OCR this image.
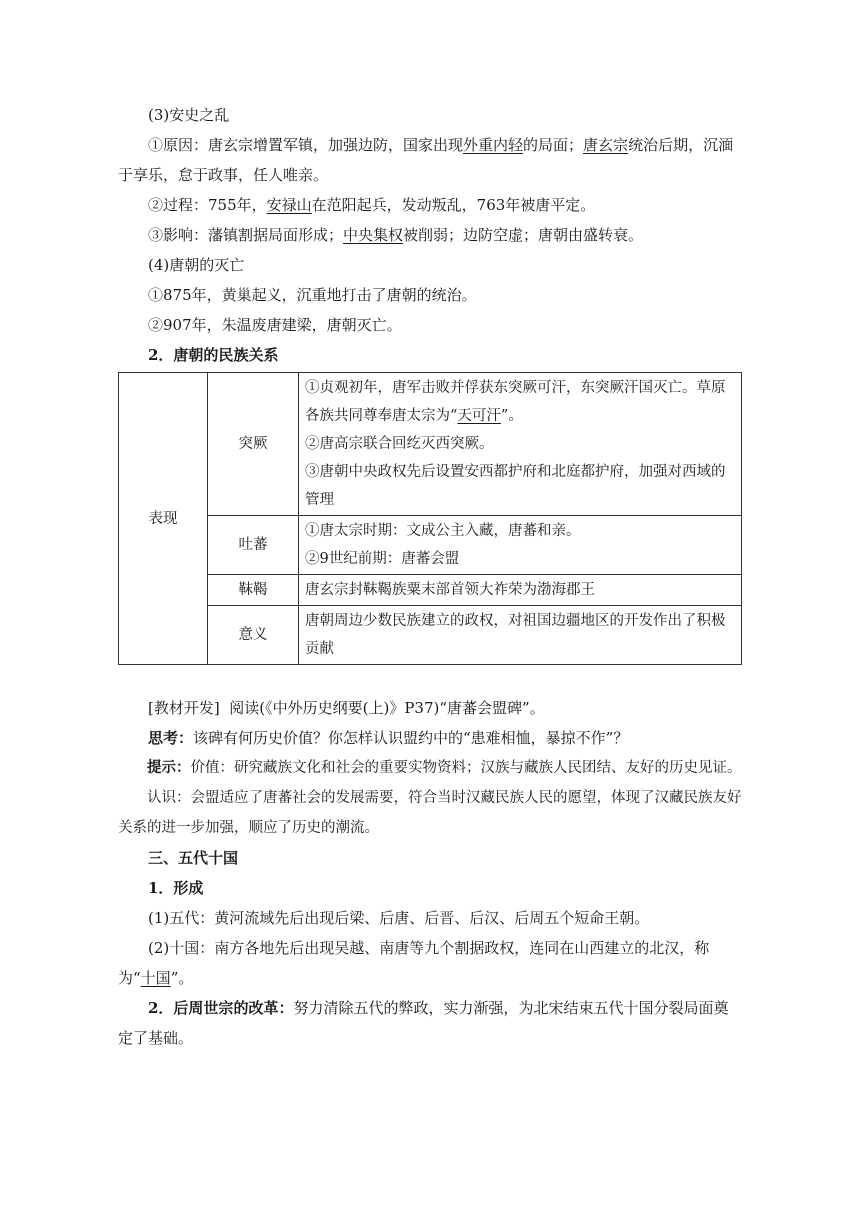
(3)安史之乱

①原因：唐玄宗增置军镇，加强边防，国家出现外重内轻的局面；唐玄宗统治后期，沉湎于享乐，怠于政事，任人唯亲。

②过程：755年，安禄山在范阳起兵，发动叛乱，763年被唐平定。

③影响：藩镇割据局面形成；中央集权被削弱；边防空虚；唐朝由盛转衰。

(4)唐朝的灭亡

①875年，黄巢起义，沉重地打击了唐朝的统治。

②907年，朱温废唐建梁，唐朝灭亡。

2．唐朝的民族关系

表现	突厥	①贞观初年，唐军击败并俘获东突厥可汗，东突厥汗国灭亡。草原各族共同尊奉唐太宗为“天可汗”。
②唐高宗联合回纥灭西突厥。
③唐朝中央政权先后设置安西都护府和北庭都护府，加强对西域的管理

	吐蕃	①唐太宗时期：文成公主入藏，唐蕃和亲。
②9世纪前期：唐蕃会盟

	靺鞨	唐玄宗封靺鞨族粟末部首领大祚荣为渤海郡王
	意义	唐朝周边少数民族建立的政权，对祖国边疆地区的开发作出了积极贡献

[教材开发] 阅读(《中外历史纲要(上)》P37)“唐蕃会盟碑”。

思考：该碑有何历史价值？你怎样认识盟约中的“患难相恤，暴掠不作”？

提示：价值：研究藏族文化和社会的重要实物资料；汉族与藏族人民团结、友好的历史见证。

认识：会盟适应了唐蕃社会的发展需要，符合当时汉藏民族人民的愿望，体现了汉藏民族友好关系的进一步加强，顺应了历史的潮流。

三、五代十国

1．形成

(1)五代：黄河流域先后出现后梁、后唐、后晋、后汉、后周五个短命王朝。

(2)十国：南方各地先后出现吴越、南唐等九个割据政权，连同在山西建立的北汉，称为“十国”。

2．后周世宗的改革：努力清除五代的弊政，实力渐强，为北宋结束五代十国分裂局面奠定了基础。
